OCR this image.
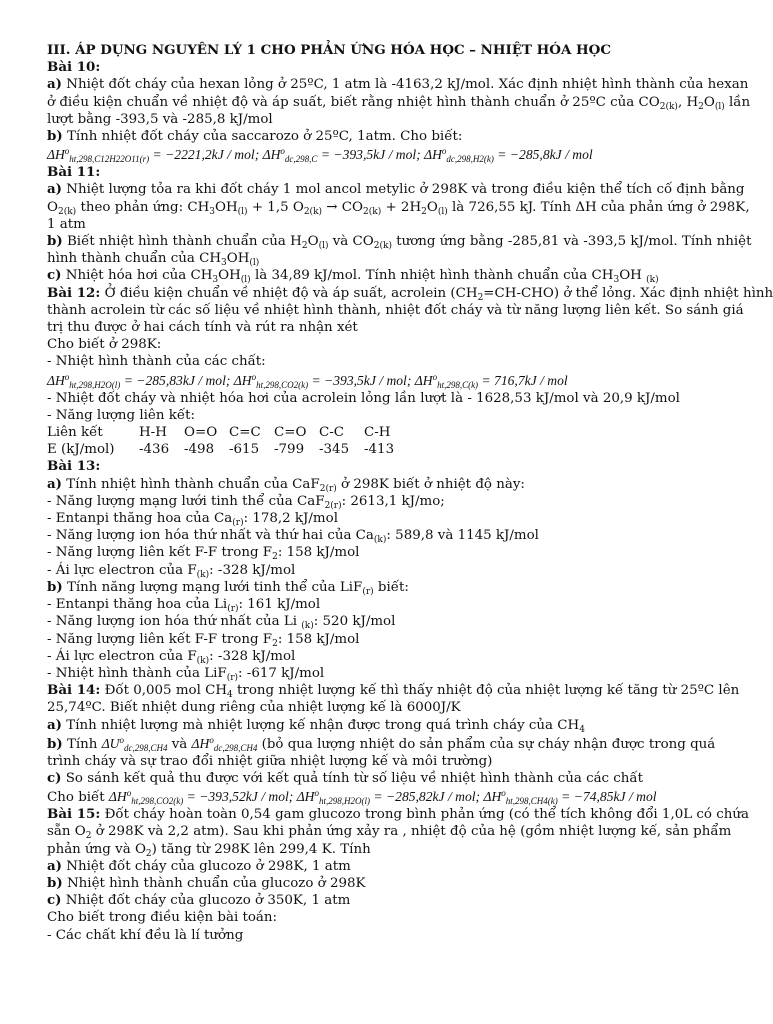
III. ÁP DỤNG NGUYÊN LÝ 1 CHO PHẢN ỨNG HÓA HỌC – NHIỆT HÓA HỌC
Bài 10:
a) Nhiệt đốt cháy của hexan lỏng ở 25ºC, 1 atm là -4163,2 kJ/mol. Xác định nhiệt hình thành của hexan
ở điều kiện chuẩn về nhiệt độ và áp suất, biết rằng nhiệt hình thành chuẩn ở 25ºC của $CO_{2(k)}$, $H_2O_{(l)}$ lần
lượt bằng -393,5 và -285,8 kJ/mol
b) Tính nhiệt đốt cháy của saccarozo ở 25ºC, 1atm. Cho biết:
$\Delta H^o_{ht,298,C12H22O11(r)} = -2221,2kJ$ / mol; $\Delta H^o_{dc,298,C} = -393,5kJ$ / mol; $\Delta H^o_{dc,298,H2(k)} = -285,8kJ$ / mol
Bài 11:
a) Nhiệt lượng tỏa ra khi đốt cháy 1 mol ancol metylic ở 298K và trong điều kiện thể tích cố định bằng
$O_{2(k)}$ theo phản ứng: $CH_3OH_{(l)} + 1,5$ $O_{2(k)} \to CO_{2(k)} + 2H_2O_{(l)}$ là 726,55 kJ. Tính ΔH của phản ứng ở 298K,
1 atm
b) Biết nhiệt hình thành chuẩn của $H_2O_{(l)}$ và $CO_{2(k)}$ tương ứng bằng -285,81 và -393,5 kJ/mol. Tính nhiệt
hình thành chuẩn của $CH_3OH_{(l)}$
c) Nhiệt hóa hơi của $CH_3OH_{(l)}$ là 34,89 kJ/mol. Tính nhiệt hình thành chuẩn của $CH_3OH$ $_{(k)}$
Bài 12: Ở điều kiện chuẩn về nhiệt độ và áp suất, acrolein $(CH_2=CH-CHO)$ ở thể lỏng. Xác định nhiệt hình
thành acrolein từ các số liệu về nhiệt hình thành, nhiệt đốt cháy và từ năng lượng liên kết. So sánh giá
trị thu được ở hai cách tính và rút ra nhận xét
Cho biết ở 298K:
- Nhiệt hình thành của các chất:
$\Delta H^o_{ht,298,H2O(l)} = -285,83kJ$ / mol; $\Delta H^o_{ht,298,CO2(k)} = -393,5kJ$ / mol; $\Delta H^o_{ht,298,C(k)} = 716,7kJ$ / mol
- Nhiệt đốt cháy và nhiệt hóa hơi của acrolein lỏng lần lượt là - 1628,53 kJ/mol và 20,9 kJ/mol
- Năng lượng liên kết:
Liên kết	H-H	O=O	C=C	C=O	C-C	C-H
E (kJ/mol)	-436	-498	-615	-799	-345	-413
Bài 13:
a) Tính nhiệt hình thành chuẩn của CaF$_{2(r)}$ ở 298K biết ở nhiệt độ này:
- Năng lượng mạng lưới tinh thể của CaF$_{2(r)}$: 2613,1 kJ/mo;
- Entanpi thăng hoa của $Ca_{(r)}$: 178,2 kJ/mol
- Năng lượng ion hóa thứ nhất và thứ hai của $Ca_{(k)}$: 589,8 và 1145 kJ/mol
- Năng lượng liên kết F-F trong $F_2$: 158 kJ/mol
- Ái lực electron của $F_{(k)}$: -328 kJ/mol
b) Tính năng lượng mạng lưới tinh thể của LiF$_{(r)}$ biết:
- Entanpi thăng hoa của $Li_{(r)}$: 161 kJ/mol
- Năng lượng ion hóa thứ nhất của Li $_{(k)}$: 520 kJ/mol
- Năng lượng liên kết F-F trong $F_2$: 158 kJ/mol
- Ái lực electron của $F_{(k)}$: -328 kJ/mol
- Nhiệt hình thành của LiF$_{(r)}$: -617 kJ/mol
Bài 14: Đốt 0,005 mol $CH_4$ trong nhiệt lượng kế thì thấy nhiệt độ của nhiệt lượng kế tăng từ 25ºC lên
25,74ºC. Biết nhiệt dung riêng của nhiệt lượng kế là 6000J/K
a) Tính nhiệt lượng mà nhiệt lượng kế nhận được trong quá trình cháy của $CH_4$
b) Tính $\Delta U^o_{dc,298,CH4}$ và $\Delta H^o_{dc,298,CH4}$ (bỏ qua lượng nhiệt do sản phẩm của sự cháy nhận được trong quá
trình cháy và sự trao đổi nhiệt giữa nhiệt lượng kế và môi trường)
c) So sánh kết quả thu được với kết quả tính từ số liệu về nhiệt hình thành của các chất
Cho biết $\Delta H^o_{ht,298,CO2(k)} = -393,52kJ$ / mol; $\Delta H^o_{ht,298,H2O(l)} = -285,82kJ$ / mol; $\Delta H^o_{ht,298,CH4(k)} = -74,85kJ$ / mol
Bài 15: Đốt cháy hoàn toàn 0,54 gam glucozo trong bình phản ứng (có thể tích không đổi 1,0L có chứa
sẵn $O_2$ ở 298K và 2,2 atm). Sau khi phản ứng xảy ra , nhiệt độ của hệ (gồm nhiệt lượng kế, sản phẩm
phản ứng và $O_2$) tăng từ 298K lên 299,4 K. Tính
a) Nhiệt đốt cháy của glucozo ở 298K, 1 atm
b) Nhiệt hình thành chuẩn của glucozo ở 298K
c) Nhiệt đốt cháy của glucozo ở 350K, 1 atm
Cho biết trong điều kiện bài toán:
- Các chất khí đều là lí tưởng
